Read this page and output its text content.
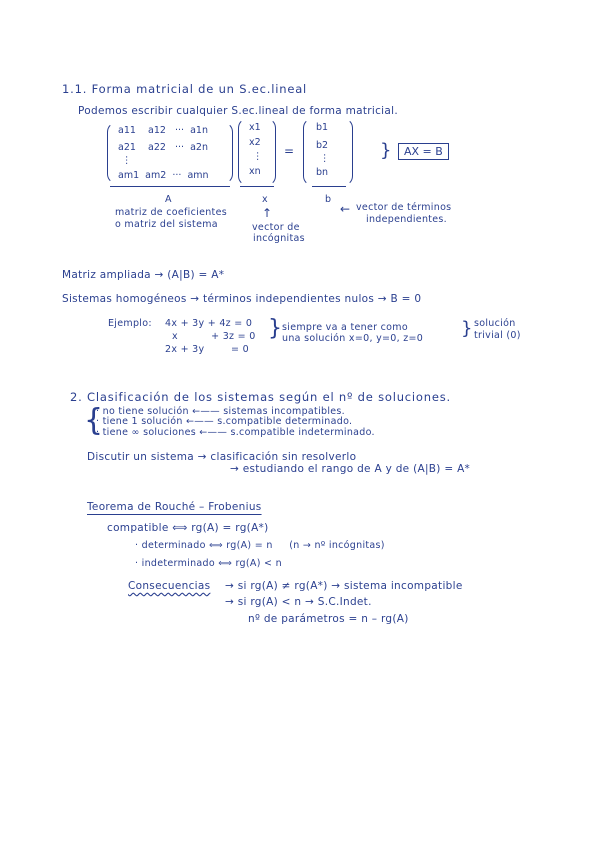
1.1. Forma matricial de un S.ec.lineal
Podemos escribir cualquier S.ec.lineal de forma matricial.
a11 a12 ··· a1n
a21 a22 ··· a2n
⋮
am1 am2 ··· amn
x1
x2
⋮
xn
=
b1
b2
⋮
bn
}	AX = B
A	x	b
matriz de coeficientes
o matriz del sistema
↑
vector de
incógnitas
← vector de términos
independientes.
Matriz ampliada → (A|B) = A*
Sistemas homogéneos → términos independientes nulos → B = 0
Ejemplo: 4x + 3y + 4z = 0
x          + 3z = 0
2x + 3y        = 0
} siempre va a tener como
una solución x=0, y=0, z=0 } solución
trivial (0)
2. Clasificación de los sistemas según el nº de soluciones.
{
· no tiene solución ←—— sistemas incompatibles.
· tiene 1 solución ←—— s.compatible determinado.
· tiene ∞ soluciones ←—— s.compatible indeterminado.
Discutir un sistema → clasificación sin resolverlo
→ estudiando el rango de A y de (A|B) = A*
Teorema de Rouché – Frobenius
compatible ⟺ rg(A) = rg(A*)
· determinado ⟺ rg(A) = n     (n → nº incógnitas)
· indeterminado ⟺ rg(A) < n
Consecuencias → si rg(A) ≠ rg(A*) → sistema incompatible
→ si rg(A) < n → S.C.Indet.
nº de parámetros = n – rg(A)
